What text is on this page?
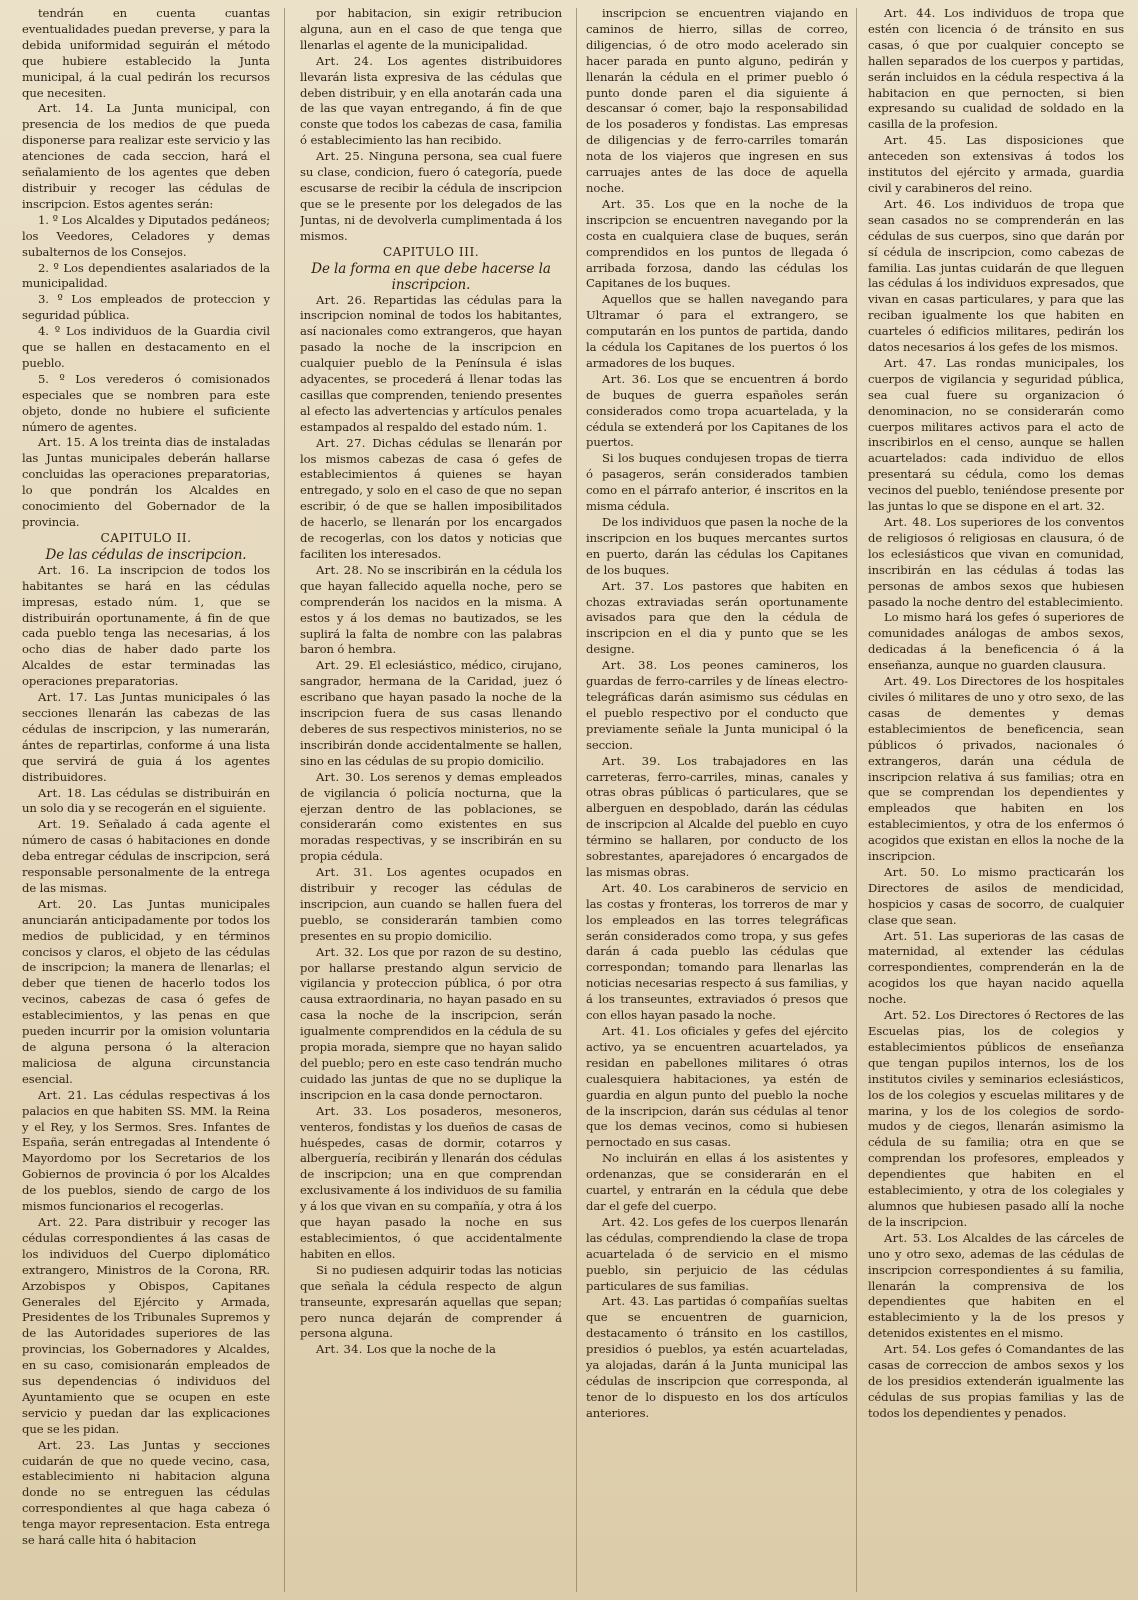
tendrán en cuenta cuantas eventualidades puedan preverse, y para la debida uniformidad seguirán el método que hubiere establecido la Junta municipal, á la cual pedirán los recursos que necesiten.

Art. 14. La Junta municipal, con presencia de los medios de que pueda disponerse para realizar este servicio y las atenciones de cada seccion, hará el señalamiento de los agentes que deben distribuir y recoger las cédulas de inscripcion. Estos agentes serán:

1. º Los Alcaldes y Diputados pedáneos; los Veedores, Celadores y demas subalternos de los Consejos.

2. º Los dependientes asalariados de la municipalidad.

3. º Los empleados de proteccion y seguridad pública.

4. º Los individuos de la Guardia civil que se hallen en destacamento en el pueblo.

5. º Los verederos ó comisionados especiales que se nombren para este objeto, donde no hubiere el suficiente número de agentes.

Art. 15. A los treinta dias de instaladas las Juntas municipales deberán hallarse concluidas las operaciones preparatorias, lo que pondrán los Alcaldes en conocimiento del Gobernador de la provincia.

CAPITULO II.

De las cédulas de inscripcion.

Art. 16. La inscripcion de todos los habitantes se hará en las cédulas impresas, estado núm. 1, que se distribuirán oportunamente, á fin de que cada pueblo tenga las necesarias, á los ocho dias de haber dado parte los Alcaldes de estar terminadas las operaciones preparatorias.

Art. 17. Las Juntas municipales ó las secciones llenarán las cabezas de las cédulas de inscripcion, y las numerarán, ántes de repartirlas, conforme á una lista que servirá de guia á los agentes distribuidores.

Art. 18. Las cédulas se distribuirán en un solo dia y se recogerán en el siguiente.

Art. 19. Señalado á cada agente el número de casas ó habitaciones en donde deba entregar cédulas de inscripcion, será responsable personalmente de la entrega de las mismas.

Art. 20. Las Juntas municipales anunciarán anticipadamente por todos los medios de publicidad, y en términos concisos y claros, el objeto de las cédulas de inscripcion; la manera de llenarlas; el deber que tienen de hacerlo todos los vecinos, cabezas de casa ó gefes de establecimientos, y las penas en que pueden incurrir por la omision voluntaria de alguna persona ó la alteracion maliciosa de alguna circunstancia esencial.

Art. 21. Las cédulas respectivas á los palacios en que habiten SS. MM. la Reina y el Rey, y los Sermos. Sres. Infantes de España, serán entregadas al Intendente ó Mayordomo por los Secretarios de los Gobiernos de provincia ó por los Alcaldes de los pueblos, siendo de cargo de los mismos funcionarios el recogerlas.

Art. 22. Para distribuir y recoger las cédulas correspondientes á las casas de los individuos del Cuerpo diplomático extrangero, Ministros de la Corona, RR. Arzobispos y Obispos, Capitanes Generales del Ejército y Armada, Presidentes de los Tribunales Supremos y de las Autoridades superiores de las provincias, los Gobernadores y Alcaldes, en su caso, comisionarán empleados de sus dependencias ó individuos del Ayuntamiento que se ocupen en este servicio y puedan dar las explicaciones que se les pidan.

Art. 23. Las Juntas y secciones cuidarán de que no quede vecino, casa, establecimiento ni habitacion alguna donde no se entreguen las cédulas correspondientes al que haga cabeza ó tenga mayor representacion. Esta entrega se hará calle hita ó habitacion

por habitacion, sin exigir retribucion alguna, aun en el caso de que tenga que llenarlas el agente de la municipalidad.

Art. 24. Los agentes distribuidores llevarán lista expresiva de las cédulas que deben distribuir, y en ella anotarán cada una de las que vayan entregando, á fin de que conste que todos los cabezas de casa, familia ó establecimiento las han recibido.

Art. 25. Ninguna persona, sea cual fuere su clase, condicion, fuero ó categoría, puede escusarse de recibir la cédula de inscripcion que se le presente por los delegados de las Juntas, ni de devolverla cumplimentada á los mismos.

CAPITULO III.

De la forma en que debe hacerse la inscripcion.

Art. 26. Repartidas las cédulas para la inscripcion nominal de todos los habitantes, así nacionales como extrangeros, que hayan pasado la noche de la inscripcion en cualquier pueblo de la Península é islas adyacentes, se procederá á llenar todas las casillas que comprenden, teniendo presentes al efecto las advertencias y artículos penales estampados al respaldo del estado núm. 1.

Art. 27. Dichas cédulas se llenarán por los mismos cabezas de casa ó gefes de establecimientos á quienes se hayan entregado, y solo en el caso de que no sepan escribir, ó de que se hallen imposibilitados de hacerlo, se llenarán por los encargados de recogerlas, con los datos y noticias que faciliten los interesados.

Art. 28. No se inscribirán en la cédula los que hayan fallecido aquella noche, pero se comprenderán los nacidos en la misma. A estos y á los demas no bautizados, se les suplirá la falta de nombre con las palabras baron ó hembra.

Art. 29. El eclesiástico, médico, cirujano, sangrador, hermana de la Caridad, juez ó escribano que hayan pasado la noche de la inscripcion fuera de sus casas llenando deberes de sus respectivos ministerios, no se inscribirán donde accidentalmente se hallen, sino en las cédulas de su propio domicilio.

Art. 30. Los serenos y demas empleados de vigilancia ó policía nocturna, que la ejerzan dentro de las poblaciones, se considerarán como existentes en sus moradas respectivas, y se inscribirán en su propia cédula.

Art. 31. Los agentes ocupados en distribuir y recoger las cédulas de inscripcion, aun cuando se hallen fuera del pueblo, se considerarán tambien como presentes en su propio domicilio.

Art. 32. Los que por razon de su destino, por hallarse prestando algun servicio de vigilancia y proteccion pública, ó por otra causa extraordinaria, no hayan pasado en su casa la noche de la inscripcion, serán igualmente comprendidos en la cédula de su propia morada, siempre que no hayan salido del pueblo; pero en este caso tendrán mucho cuidado las juntas de que no se duplique la inscripcion en la casa donde pernoctaron.

Art. 33. Los posaderos, mesoneros, venteros, fondistas y los dueños de casas de huéspedes, casas de dormir, cotarros y alberguería, recibirán y llenarán dos cédulas de inscripcion; una en que comprendan exclusivamente á los individuos de su familia y á los que vivan en su compañía, y otra á los que hayan pasado la noche en sus establecimientos, ó que accidentalmente habiten en ellos.

Si no pudiesen adquirir todas las noticias que señala la cédula respecto de algun transeunte, expresarán aquellas que sepan; pero nunca dejarán de comprender á persona alguna.

Art. 34. Los que la noche de la

inscripcion se encuentren viajando en caminos de hierro, sillas de correo, diligencias, ó de otro modo acelerado sin hacer parada en punto alguno, pedirán y llenarán la cédula en el primer pueblo ó punto donde paren el dia siguiente á descansar ó comer, bajo la responsabilidad de los posaderos y fondistas. Las empresas de diligencias y de ferro-carriles tomarán nota de los viajeros que ingresen en sus carruajes antes de las doce de aquella noche.

Art. 35. Los que en la noche de la inscripcion se encuentren navegando por la costa en cualquiera clase de buques, serán comprendidos en los puntos de llegada ó arribada forzosa, dando las cédulas los Capitanes de los buques.

Aquellos que se hallen navegando para Ultramar ó para el extrangero, se computarán en los puntos de partida, dando la cédula los Capitanes de los puertos ó los armadores de los buques.

Art. 36. Los que se encuentren á bordo de buques de guerra españoles serán considerados como tropa acuartelada, y la cédula se extenderá por los Capitanes de los puertos.

Si los buques condujesen tropas de tierra ó pasageros, serán considerados tambien como en el párrafo anterior, é inscritos en la misma cédula.

De los individuos que pasen la noche de la inscripcion en los buques mercantes surtos en puerto, darán las cédulas los Capitanes de los buques.

Art. 37. Los pastores que habiten en chozas extraviadas serán oportunamente avisados para que den la cédula de inscripcion en el dia y punto que se les designe.

Art. 38. Los peones camineros, los guardas de ferro-carriles y de líneas electro-telegráficas darán asimismo sus cédulas en el pueblo respectivo por el conducto que previamente señale la Junta municipal ó la seccion.

Art. 39. Los trabajadores en las carreteras, ferro-carriles, minas, canales y otras obras públicas ó particulares, que se alberguen en despoblado, darán las cédulas de inscripcion al Alcalde del pueblo en cuyo término se hallaren, por conducto de los sobrestantes, aparejadores ó encargados de las mismas obras.

Art. 40. Los carabineros de servicio en las costas y fronteras, los torreros de mar y los empleados en las torres telegráficas serán considerados como tropa, y sus gefes darán á cada pueblo las cédulas que correspondan; tomando para llenarlas las noticias necesarias respecto á sus familias, y á los transeuntes, extraviados ó presos que con ellos hayan pasado la noche.

Art. 41. Los oficiales y gefes del ejército activo, ya se encuentren acuartelados, ya residan en pabellones militares ó otras cualesquiera habitaciones, ya estén de guardia en algun punto del pueblo la noche de la inscripcion, darán sus cédulas al tenor que los demas vecinos, como si hubiesen pernoctado en sus casas.

No incluirán en ellas á los asistentes y ordenanzas, que se considerarán en el cuartel, y entrarán en la cédula que debe dar el gefe del cuerpo.

Art. 42. Los gefes de los cuerpos llenarán las cédulas, comprendiendo la clase de tropa acuartelada ó de servicio en el mismo pueblo, sin perjuicio de las cédulas particulares de sus familias.

Art. 43. Las partidas ó compañías sueltas que se encuentren de guarnicion, destacamento ó tránsito en los castillos, presidios ó pueblos, ya estén acuarteladas, ya alojadas, darán á la Junta municipal las cédulas de inscripcion que corresponda, al tenor de lo dispuesto en los dos artículos anteriores.

Art. 44. Los individuos de tropa que estén con licencia ó de tránsito en sus casas, ó que por cualquier concepto se hallen separados de los cuerpos y partidas, serán incluidos en la cédula respectiva á la habitacion en que pernocten, si bien expresando su cualidad de soldado en la casilla de la profesion.

Art. 45. Las disposiciones que anteceden son extensivas á todos los institutos del ejército y armada, guardia civil y carabineros del reino.

Art. 46. Los individuos de tropa que sean casados no se comprenderán en las cédulas de sus cuerpos, sino que darán por sí cédula de inscripcion, como cabezas de familia. Las juntas cuidarán de que lleguen las cédulas á los individuos expresados, que vivan en casas particulares, y para que las reciban igualmente los que habiten en cuarteles ó edificios militares, pedirán los datos necesarios á los gefes de los mismos.

Art. 47. Las rondas municipales, los cuerpos de vigilancia y seguridad pública, sea cual fuere su organizacion ó denominacion, no se considerarán como cuerpos militares activos para el acto de inscribirlos en el censo, aunque se hallen acuartelados: cada individuo de ellos presentará su cédula, como los demas vecinos del pueblo, teniéndose presente por las juntas lo que se dispone en el art. 32.

Art. 48. Los superiores de los conventos de religiosos ó religiosas en clausura, ó de los eclesiásticos que vivan en comunidad, inscribirán en las cédulas á todas las personas de ambos sexos que hubiesen pasado la noche dentro del establecimiento.

Lo mismo hará los gefes ó superiores de comunidades análogas de ambos sexos, dedicadas á la beneficencia ó á la enseñanza, aunque no guarden clausura.

Art. 49. Los Directores de los hospitales civiles ó militares de uno y otro sexo, de las casas de dementes y demas establecimientos de beneficencia, sean públicos ó privados, nacionales ó extrangeros, darán una cédula de inscripcion relativa á sus familias; otra en que se comprendan los dependientes y empleados que habiten en los establecimientos, y otra de los enfermos ó acogidos que existan en ellos la noche de la inscripcion.

Art. 50. Lo mismo practicarán los Directores de asilos de mendicidad, hospicios y casas de socorro, de cualquier clase que sean.

Art. 51. Las superioras de las casas de maternidad, al extender las cédulas correspondientes, comprenderán en la de acogidos los que hayan nacido aquella noche.

Art. 52. Los Directores ó Rectores de las Escuelas pias, los de colegios y establecimientos públicos de enseñanza que tengan pupilos internos, los de los institutos civiles y seminarios eclesiásticos, los de los colegios y escuelas militares y de marina, y los de los colegios de sordo-mudos y de ciegos, llenarán asimismo la cédula de su familia; otra en que se comprendan los profesores, empleados y dependientes que habiten en el establecimiento, y otra de los colegiales y alumnos que hubiesen pasado allí la noche de la inscripcion.

Art. 53. Los Alcaldes de las cárceles de uno y otro sexo, ademas de las cédulas de inscripcion correspondientes á su familia, llenarán la comprensiva de los dependientes que habiten en el establecimiento y la de los presos y detenidos existentes en el mismo.

Art. 54. Los gefes ó Comandantes de las casas de correccion de ambos sexos y los de los presidios extenderán igualmente las cédulas de sus propias familias y las de todos los dependientes y penados.
